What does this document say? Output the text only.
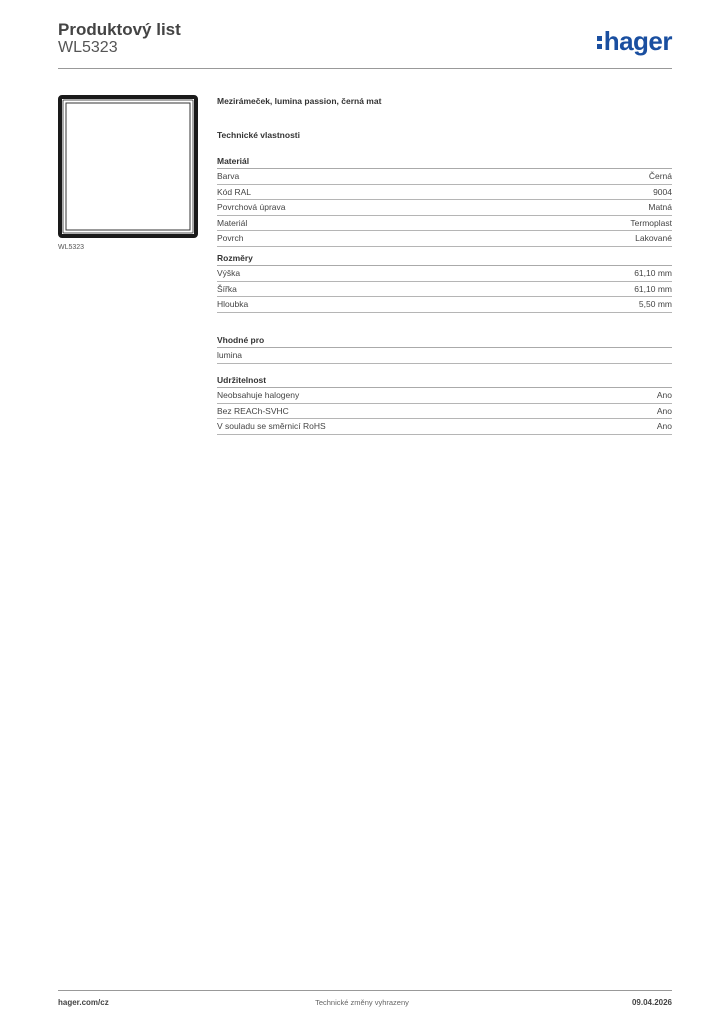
Produktový list
WL5323	hager
WL5323
Mezirámeček, lumina passion, černá mat
Technické vlastnosti
Materiál
Barva	Černá
Kód RAL	9004
Povrchová úprava	Matná
Materiál	Termoplast
Povrch	Lakované
Rozměry
Výška	61,10 mm
Šířka	61,10 mm
Hloubka	5,50 mm
Vhodné pro
lumina
Udržitelnost
Neobsahuje halogeny	Ano
Bez REACh-SVHC	Ano
V souladu se směrnicí RoHS	Ano
hager.com/cz	Technické změny vyhrazeny	09.04.2026
